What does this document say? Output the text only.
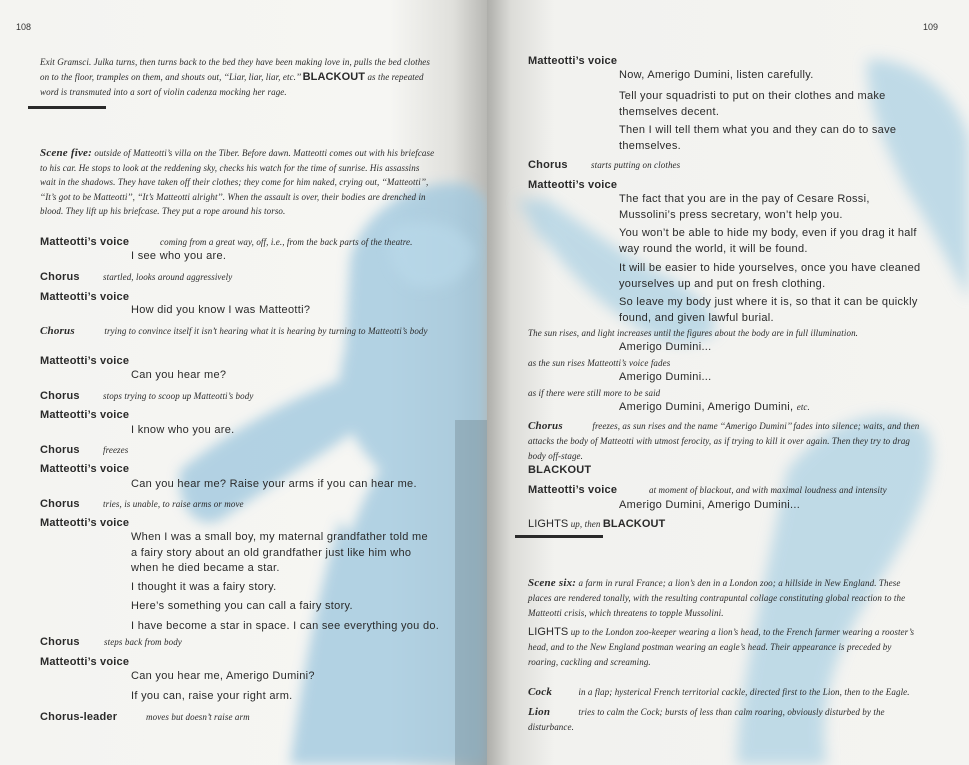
108

Exit Gramsci. Julka turns, then turns back to the bed they have been making love in, pulls the bed clothes on to the floor, tramples on them, and shouts out, ‘‘Liar, liar, liar, etc.’’ BLACKOUT as the repeated word is transmuted into a sort of violin cadenza mocking her rage.

Scene five: outside of Matteotti’s villa on the Tiber. Before dawn. Matteotti comes out with his briefcase to his car. He stops to look at the reddening sky, checks his watch for the time of sunrise. His assassins wait in the shadows. They have taken off their clothes; they come for him naked, crying out, ‘‘Matteotti’’, ‘‘It’s got to be Matteotti’’, ‘‘It’s Matteotti alright’’. When the assault is over, their bodies are drenched in blood. They lift up his briefcase. They put a rope around his torso.

Matteotti’s voice	coming from a great way, off, i.e., from the back parts of the theatre.
I see who you are.
Chorus	startled, looks around aggressively
Matteotti’s voice
How did you know I was Matteotti?

Chorus	trying to convince itself it isn’t hearing what it is hearing by turning to Matteotti’s body

Matteotti’s voice
Can you hear me?
Chorus	stops trying to scoop up Matteotti’s body
Matteotti’s voice
I know who you are.
Chorus	freezes
Matteotti’s voice
Can you hear me? Raise your arms if you can hear me.
Chorus	tries, is unable, to raise arms or move
Matteotti’s voice
When I was a small boy, my maternal grandfather told me a fairy story about an old grandfather just like him who when he died became a star.
I thought it was a fairy story.
Here’s something you can call a fairy story.
I have become a star in space. I can see everything you do.
Chorus	steps back from body
Matteotti’s voice
Can you hear me, Amerigo Dumini?
If you can, raise your right arm.
Chorus-leader	moves but doesn’t raise arm
109
Matteotti’s voice
Now, Amerigo Dumini, listen carefully.
Tell your squadristi to put on their clothes and make themselves decent.
Then I will tell them what you and they can do to save themselves.
Chorus	starts putting on clothes
Matteotti’s voice
The fact that you are in the pay of Cesare Rossi, Mussolini’s press secretary, won’t help you.
You won’t be able to hide my body, even if you drag it half way round the world, it will be found.
It will be easier to hide yourselves, once you have cleaned yourselves up and put on fresh clothing.
So leave my body just where it is, so that it can be quickly found, and given lawful burial.
The sun rises, and light increases until the figures about the body are in full illumination.
Amerigo Dumini...
as the sun rises Matteotti’s voice fades
Amerigo Dumini...
as if there were still more to be said
Amerigo Dumini, Amerigo Dumini, etc.

Chorus	freezes, as sun rises and the name ‘‘Amerigo Dumini’’ fades into silence; waits, and then attacks the body of Matteotti with utmost ferocity, as if trying to kill it over again. Then they try to drag body off-stage.

BLACKOUT
Matteotti’s voice	at moment of blackout, and with maximal loudness and intensity
Amerigo Dumini, Amerigo Dumini...
LIGHTS up, then BLACKOUT

Scene six: a farm in rural France; a lion’s den in a London zoo; a hillside in New England. These places are rendered tonally, with the resulting contrapuntal collage constituting global reaction to the Matteotti crisis, which threatens to topple Mussolini.

LIGHTS up to the London zoo-keeper wearing a lion’s head, to the French farmer wearing a rooster’s head, and to the New England postman wearing an eagle’s head. Their appearance is preceded by roaring, cackling and screaming.

Cock	in a flap; hysterical French territorial cackle, directed first to the Lion, then to the Eagle.

Lion	tries to calm the Cock; bursts of less than calm roaring, obviously disturbed by the disturbance.
